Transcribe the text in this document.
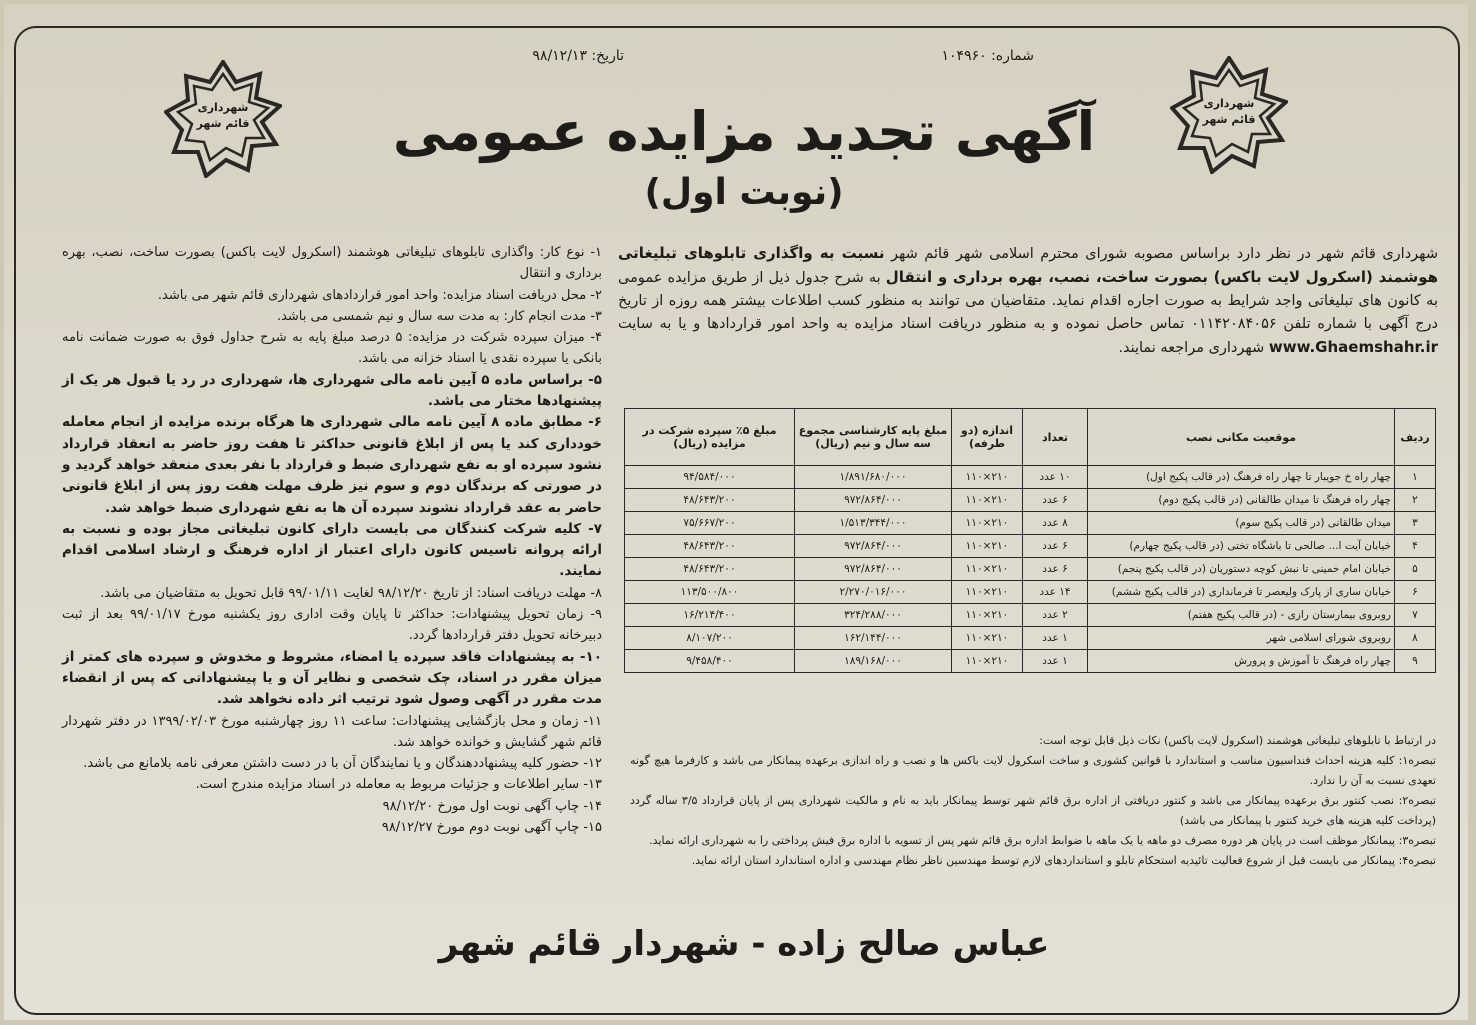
شماره: ۱۰۴۹۶۰
تاریخ: ۹۸/۱۲/۱۳
شهرداری
قائم شهر
شهرداری
قائم شهر	آگهی تجدید مزایده عمومی
(نوبت اول)
شهرداری قائم شهر در نظر دارد براساس مصوبه شورای محترم اسلامی شهر قائم شهر نسبت به واگذاری تابلوهای تبلیغاتی هوشمند (اسکرول لایت باکس) بصورت ساخت، نصب، بهره برداری و انتقال به شرح جدول ذیل از طریق مزایده عمومی به کانون های تبلیغاتی واجد شرایط به صورت اجاره اقدام نماید. متقاضیان می توانند به منظور کسب اطلاعات بیشتر همه روزه از تاریخ درج آگهی با شماره تلفن ۰۱۱۴۲۰۸۴۰۵۶ تماس حاصل نموده و به منظور دریافت اسناد مزایده به واحد امور قراردادها و یا به سایت www.Ghaemshahr.ir شهرداری مراجعه نمایند.
ردیف	موقعیت مکانی نصب	تعداد	اندازه (دو طرفه)	مبلغ پایه کارشناسی مجموع سه سال و نیم (ریال)	مبلغ ۵٪ سپرده شرکت در مزایده (ریال)
۱	چهار راه خ جویبار تا چهار راه فرهنگ (در قالب پکیج اول)	۱۰ عدد	۲۱۰×۱۱۰	۱/۸۹۱/۶۸۰/۰۰۰	۹۴/۵۸۴/۰۰۰
۲	چهار راه فرهنگ تا میدان طالقانی (در قالب پکیج دوم)	۶ عدد	۲۱۰×۱۱۰	۹۷۲/۸۶۴/۰۰۰	۴۸/۶۴۳/۲۰۰
۳	میدان طالقانی (در قالب پکیج سوم)	۸ عدد	۲۱۰×۱۱۰	۱/۵۱۳/۳۴۴/۰۰۰	۷۵/۶۶۷/۲۰۰
۴	خیابان آیت ا... صالحی تا باشگاه تختی (در قالب پکیج چهارم)	۶ عدد	۲۱۰×۱۱۰	۹۷۲/۸۶۴/۰۰۰	۴۸/۶۴۳/۲۰۰
۵	خیابان امام خمینی تا نبش کوچه دستوریان (در قالب پکیج پنجم)	۶ عدد	۲۱۰×۱۱۰	۹۷۲/۸۶۴/۰۰۰	۴۸/۶۴۳/۲۰۰
۶	خیابان ساری از پارک ولیعصر تا فرمانداری (در قالب پکیج ششم)	۱۴ عدد	۲۱۰×۱۱۰	۲/۲۷۰/۰۱۶/۰۰۰	۱۱۳/۵۰۰/۸۰۰
۷	روبروی بیمارستان رازی - (در قالب پکیج هفتم)	۲ عدد	۲۱۰×۱۱۰	۳۲۴/۲۸۸/۰۰۰	۱۶/۲۱۴/۴۰۰
۸	روبروی شورای اسلامی شهر	۱ عدد	۲۱۰×۱۱۰	۱۶۲/۱۴۴/۰۰۰	۸/۱۰۷/۲۰۰
۹	چهار راه فرهنگ تا آموزش و پرورش	۱ عدد	۲۱۰×۱۱۰	۱۸۹/۱۶۸/۰۰۰	۹/۴۵۸/۴۰۰

در ارتباط با تابلوهای تبلیغاتی هوشمند (اسکرول لایت باکس) نکات ذیل قابل توجه است:

تبصره۱: کلیه هزینه احداث فنداسیون مناسب و استاندارد با قوانین کشوری و ساخت اسکرول لایت باکس ها و نصب و راه اندازی برعهده پیمانکار می باشد و کارفرما هیچ گونه تعهدی نسبت به آن را ندارد.

تبصره۲: نصب کنتور برق برعهده پیمانکار می باشد و کنتور دریافتی از اداره برق قائم شهر توسط پیمانکار باید به نام و مالکیت شهرداری پس از پایان قرارداد ۳/۵ ساله گردد (پرداخت کلیه هزینه های خرید کنتور با پیمانکار می باشد)

تبصره۳: پیمانکار موظف است در پایان هر دوره مصرف دو ماهه یا یک ماهه با ضوابط اداره برق قائم شهر پس از تسویه با اداره برق فیش پرداختی را به شهرداری ارائه نماید.

تبصره۴: پیمانکار می بایست قبل از شروع فعالیت تائیدیه استحکام تابلو و استانداردهای لازم توسط مهندسین ناظر نظام مهندسی و اداره استاندارد استان ارائه نماید.

۱- نوع کار: واگذاری تابلوهای تبلیغاتی هوشمند (اسکرول لایت باکس) بصورت ساخت، نصب، بهره برداری و انتقال

۲- محل دریافت اسناد مزایده: واحد امور قراردادهای شهرداری قائم شهر می باشد.

۳- مدت انجام کار: به مدت سه سال و نیم شمسی می باشد.

۴- میزان سپرده شرکت در مزایده: ۵ درصد مبلغ پایه به شرح جداول فوق به صورت ضمانت نامه بانکی یا سپرده نقدی یا اسناد خزانه می باشد.

۵- براساس ماده ۵ آیین نامه مالی شهرداری ها، شهرداری در رد یا قبول هر یک از پیشنهادها مختار می باشد.

۶- مطابق ماده ۸ آیین نامه مالی شهرداری ها هرگاه برنده مزایده از انجام معامله خودداری کند یا پس از ابلاغ قانونی حداکثر تا هفت روز حاضر به انعقاد قرارداد نشود سپرده او به نفع شهرداری ضبط و قرارداد با نفر بعدی منعقد خواهد گردید و در صورتی که برندگان دوم و سوم نیز ظرف مهلت هفت روز پس از ابلاغ قانونی حاضر به عقد قرارداد نشوند سپرده آن ها به نفع شهرداری ضبط خواهد شد.

۷- کلیه شرکت کنندگان می بایست دارای کانون تبلیغاتی مجاز بوده و نسبت به ارائه پروانه تاسیس کانون دارای اعتبار از اداره فرهنگ و ارشاد اسلامی اقدام نمایند.

۸- مهلت دریافت اسناد: از تاریخ ۹۸/۱۲/۲۰ لغایت ۹۹/۰۱/۱۱ قابل تحویل به متقاضیان می باشد.

۹- زمان تحویل پیشنهادات: حداکثر تا پایان وقت اداری روز یکشنبه مورخ ۹۹/۰۱/۱۷ بعد از ثبت دبیرخانه تحویل دفتر قراردادها گردد.

۱۰- به پیشنهادات فاقد سپرده یا امضاء، مشروط و مخدوش و سپرده های کمتر از میزان مقرر در اسناد، چک شخصی و نظایر آن و یا پیشنهاداتی که پس از انقضاء مدت مقرر در آگهی وصول شود ترتیب اثر داده نخواهد شد.

۱۱- زمان و محل بازگشایی پیشنهادات: ساعت ۱۱ روز چهارشنبه مورخ ۱۳۹۹/۰۲/۰۳ در دفتر شهردار قائم شهر گشایش و خوانده خواهد شد.

۱۲- حضور کلیه پیشنهاددهندگان و یا نمایندگان آن با در دست داشتن معرفی نامه بلامانع می باشد.

۱۳- سایر اطلاعات و جزئیات مربوط به معامله در اسناد مزایده مندرج است.

۱۴- چاپ آگهی نوبت اول مورخ ۹۸/۱۲/۲۰

۱۵- چاپ آگهی نوبت دوم مورخ ۹۸/۱۲/۲۷

عباس صالح زاده - شهردار قائم شهر
